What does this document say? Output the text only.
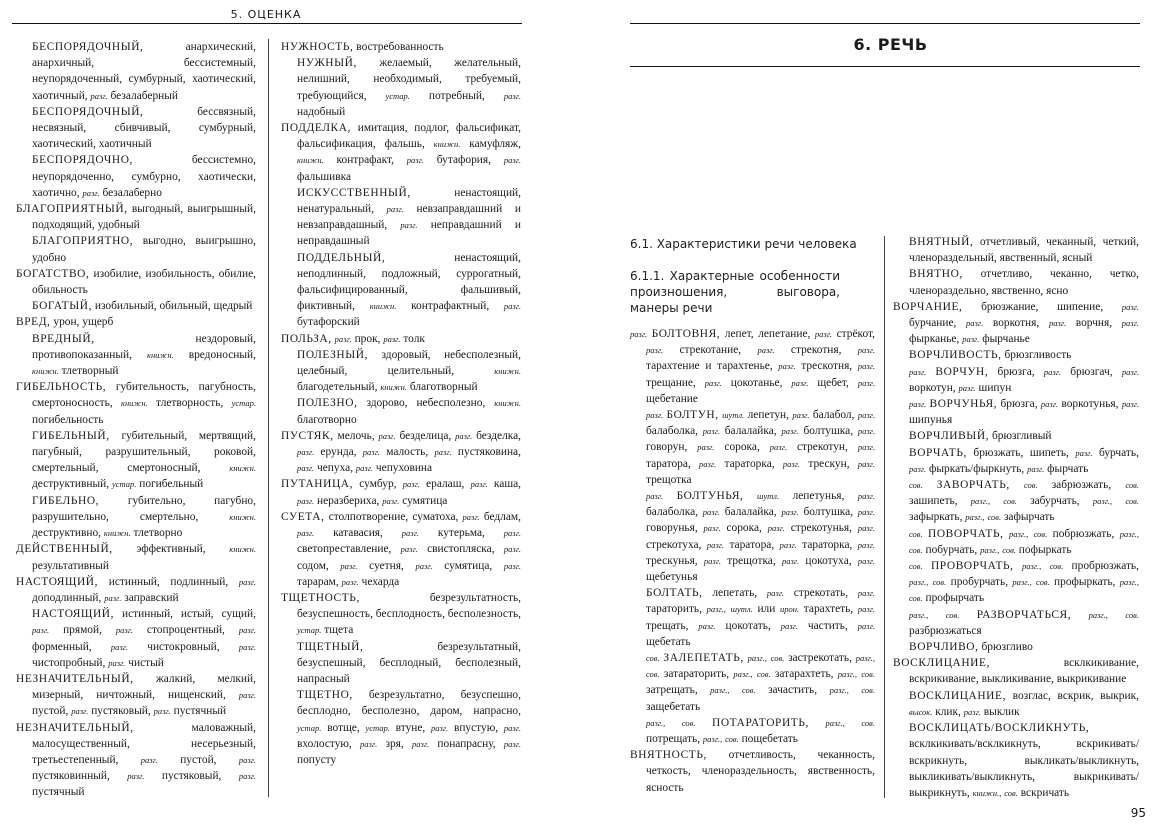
5. ОЦЕНКА

БЕСПОРЯДОЧНЫЙ,	анархический, анархичный,	бессистемный, неупорядоченный, сумбурный, хаотический, хаотичный, разг. безалаберный

БЕСПОРЯДОЧНЫЙ,	бессвязный, несвязный, сбивчивый, сумбурный, хаотический, хаотичный

БЕСПОРЯДОЧНО,	бессистемно, неупорядоченно, сумбурно, хаотически, хаотично, разг. безалаберно

БЛАГОПРИЯТНЫЙ, выгодный, выигрышный, подходящий, удобный

БЛАГОПРИЯТНО, выгодно, выигрышно, удобно

БОГАТСТВО, изобилие, изобильность, обилие, обильность

БОГАТЫЙ, изобильный, обильный, щедрый

ВРЕД, урон, ущерб

ВРЕДНЫЙ,	нездоровый, противопоказанный, книжн. вредоносный, книжн. тлетворный

ГИБЕЛЬНОСТЬ, губительность, пагубность, смертоносность, книжн. тлетворность, устар. погибельность

ГИБЕЛЬНЫЙ, губительный, мертвящий, пагубный, разрушительный, роковой, смертельный,	смертоносный,	книжн. деструктивный, устар. погибельный

ГИБЕЛЬНО,	губительно,	пагубно, разрушительно,	смертельно,	книжн. деструктивно, книжн. тлетворно

ДЕЙСТВЕННЫЙ, эффективный,	книжн. результативный

НАСТОЯЩИЙ, истинный, подлинный, разг. доподлинный, разг. заправский

НАСТОЯЩИЙ, истинный, истый, сущий, разг. прямой, разг. стопроцентный, разг. форменный, разг. чистокровный, разг. чистопробный, разг. чистый

НЕЗНАЧИТЕЛЬНЫЙ, жалкий, мелкий, мизерный, ничтожный, нищенский, разг. пустой, разг. пустяковый, разг. пустячный

НЕЗНАЧИТЕЛЬНЫЙ,	маловажный, малосущественный,	несерьезный, третьестепенный,	разг. пустой,	разг. пустяковинный, разг. пустяковый, разг. пустячный

НУЖНОСТЬ, востребованность

НУЖНЫЙ, желаемый, желательный, нелишний, необходимый, требуемый, требующийся, устар. потребный, разг. надобный

ПОДДЕЛКА, имитация, подлог, фальсификат, фальсификация, фальшь, книжн. камуфляж, книжн. контрафакт, разг. бутафория, разг. фальшивка

ИСКУССТВЕННЫЙ,	ненастоящий, ненатуральный, разг. невзаправдашний и невзаправдашный, разг. неправдашний и неправдашный

ПОДДЕЛЬНЫЙ,	ненастоящий, неподлинный, подложный, суррогатный, фальсифицированный,	фальшивый, фиктивный, книжн. контрафактный, разг. бутафорский

ПОЛЬЗА, разг. прок, разг. толк

ПОЛЕЗНЫЙ, здоровый, небесполезный, целебный,	целительный,	книжн. благодетельный, книжн. благотворный

ПОЛЕЗНО, здорово, небесполезно, книжн. благотворно

ПУСТЯК, мелочь, разг. безделица, разг. безделка, разг. ерунда, разг. малость, разг. пустяковина, разг. чепуха, разг. чепуховина

ПУТАНИЦА, сумбур, разг. ералаш, разг. каша, разг. неразбериха, разг. сумятица

СУЕТА, столпотворение, суматоха, разг. бедлам, разг. катавасия, разг. кутерьма, разг. светопреставление, разг. свистопляска, разг. содом, разг. суетня, разг. сумятица, разг. тарарам, разг. чехарда

ТЩЕТНОСТЬ,	безрезультатность, безуспешность, бесплодность, бесполезность, устар. тщета

ТЩЕТНЫЙ,	безрезультатный, безуспешный, бесплодный, бесполезный, напрасный

ТЩЕТНО, безрезультатно, безуспешно, бесплодно, бесполезно, даром, напрасно, устар. вотще, устар. втуне, разг. впустую, разг. вхолостую, разг. зря, разг. понапрасну, разг. попусту

6. РЕЧЬ
6.1. Характеристики речи человека
6.1.1. Характерные особенности произношения, выговора, манеры речи

разг. БОЛТОВНЯ, лепет, лепетание, разг. стрёкот, разг. стрекотание, разг. стрекотня, разг. тарахтение и тарахтенье, разг. трескотня, разг. трещание, разг. цокотанье, разг. щебет, разг. щебетание

разг. БОЛТУН, шутл. лепетун, разг. балабол, разг. балаболка, разг. балалайка, разг. болтушка, разг. говорун, разг. сорока, разг. стрекотун, разг. таратора, разг. тараторка, разг. трескун, разг. трещотка

разг. БОЛТУНЬЯ, шутл. лепетунья, разг. балаболка, разг. балалайка, разг. болтушка, разг. говорунья, разг. сорока, разг. стрекотунья, разг. стрекотуха, разг. таратора, разг. тараторка, разг. трескунья, разг. трещотка, разг. цокотуха, разг. щебетунья

БОЛТАТЬ, лепетать, разг. стрекотать, разг. тараторить, разг., шутл. или ирон. тарахтеть, разг. трещать, разг. цокотать, разг. частить, разг. щебетать

сов. ЗАЛЕПЕТАТЬ, разг., сов. застрекотать, разг., сов. затараторить, разг., сов. затарахтеть, разг., сов. затрещать, разг., сов. зачастить, разг., сов. защебетать

разг., сов. ПОТАРАТОРИТЬ, разг., сов. потрещать, разг., сов. пощебетать

ВНЯТНОСТЬ, отчетливость, чеканность, четкость, членораздельность, явственность, ясность

ВНЯТНЫЙ, отчетливый, чеканный, четкий, членораздельный, явственный, ясный

ВНЯТНО, отчетливо, чеканно, четко, членораздельно, явственно, ясно

ВОРЧАНИЕ, брюзжание, шипение, разг. бурчание, разг. воркотня, разг. ворчня, разг. фырканье, разг. фырчанье

ВОРЧЛИВОСТЬ, брюзгливость

разг. ВОРЧУН, брюзга, разг. брюзгач, разг. воркотун, разг. шипун

разг. ВОРЧУНЬЯ, брюзга, разг. воркотунья, разг. шипунья

ВОРЧЛИВЫЙ, брюзгливый

ВОРЧАТЬ, брюзжать, шипеть, разг. бурчать, разг. фыркать/фыркнуть, разг. фырчать

сов. ЗАВОРЧАТЬ, сов. забрюзжать, сов. зашипеть, разг., сов. забурчать, разг., сов. зафыркать, разг., сов. зафырчать

сов. ПОВОРЧАТЬ, разг., сов. побрюзжать, разг., сов. побурчать, разг., сов. пофыркать

сов. ПРОВОРЧАТЬ, разг., сов. пробрюзжать, разг., сов. пробурчать, разг., сов. профыркать, разг., сов. профырчать

разг., сов. РАЗВОРЧАТЬСЯ, разг., сов. разбрюзжаться

ВОРЧЛИВО, брюзгливо

ВОСКЛИЦАНИЕ,	всклкикивание, вскрикивание, выкликивание, выкрикивание

ВОСКЛИЦАНИЕ, возглас, вскрик, выкрик, высок. клик, разг. выклик

ВОСКЛИЦАТЬ/ВОСКЛИКНУТЬ, всклкикивать/всклкикнуть,	вскрикивать/вскрикнуть,	выкликать/выкликнуть, выкликивать/выкликнуть,	выкрикивать/выкрикнуть, книжн., сов. вскричать

95
